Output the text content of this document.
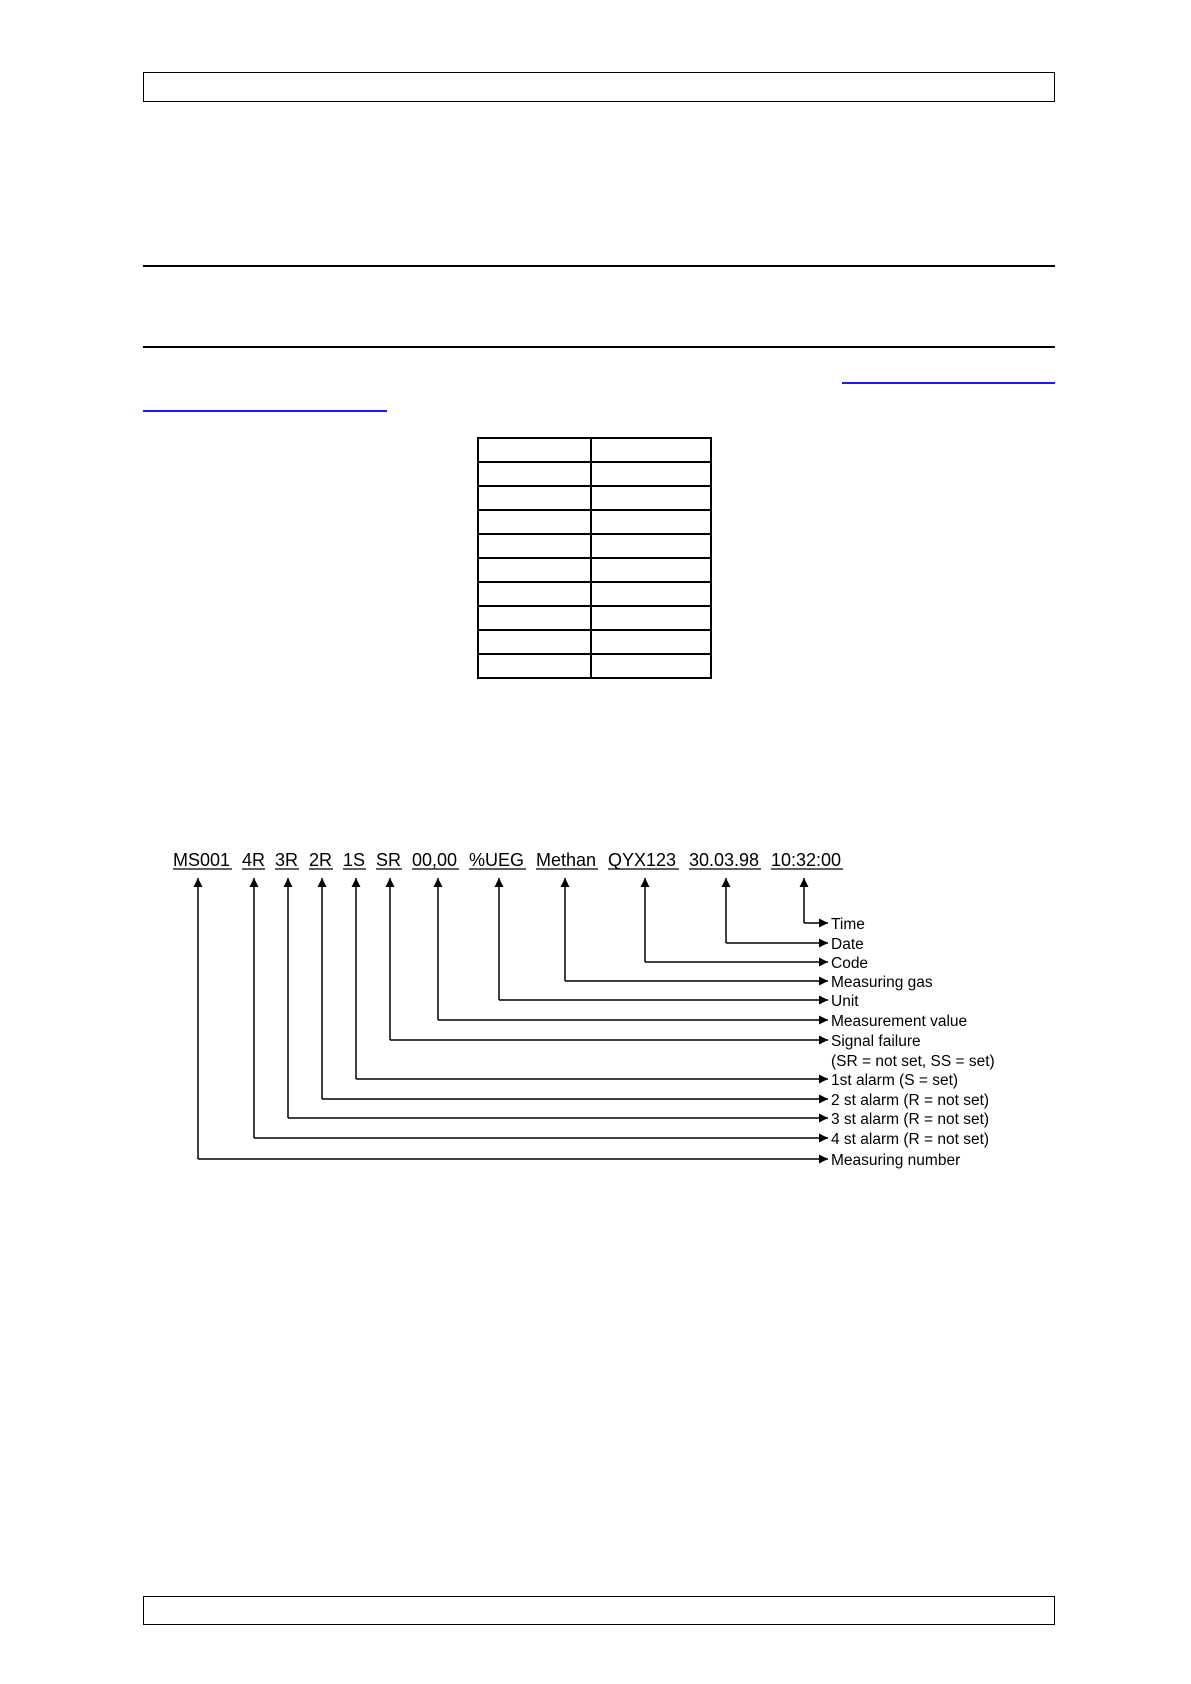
MS001 4R 3R 2R 1S SR 00,00 %UEG Methan QYX123 30.03.98 10:32:00
Time
Date
Code
Measuring gas
Unit
Measurement value
Signal failure
(SR = not set, SS = set)
1st alarm (S = set)
2 st alarm (R = not set)
3 st alarm (R = not set)
4 st alarm (R = not set)
Measuring number
